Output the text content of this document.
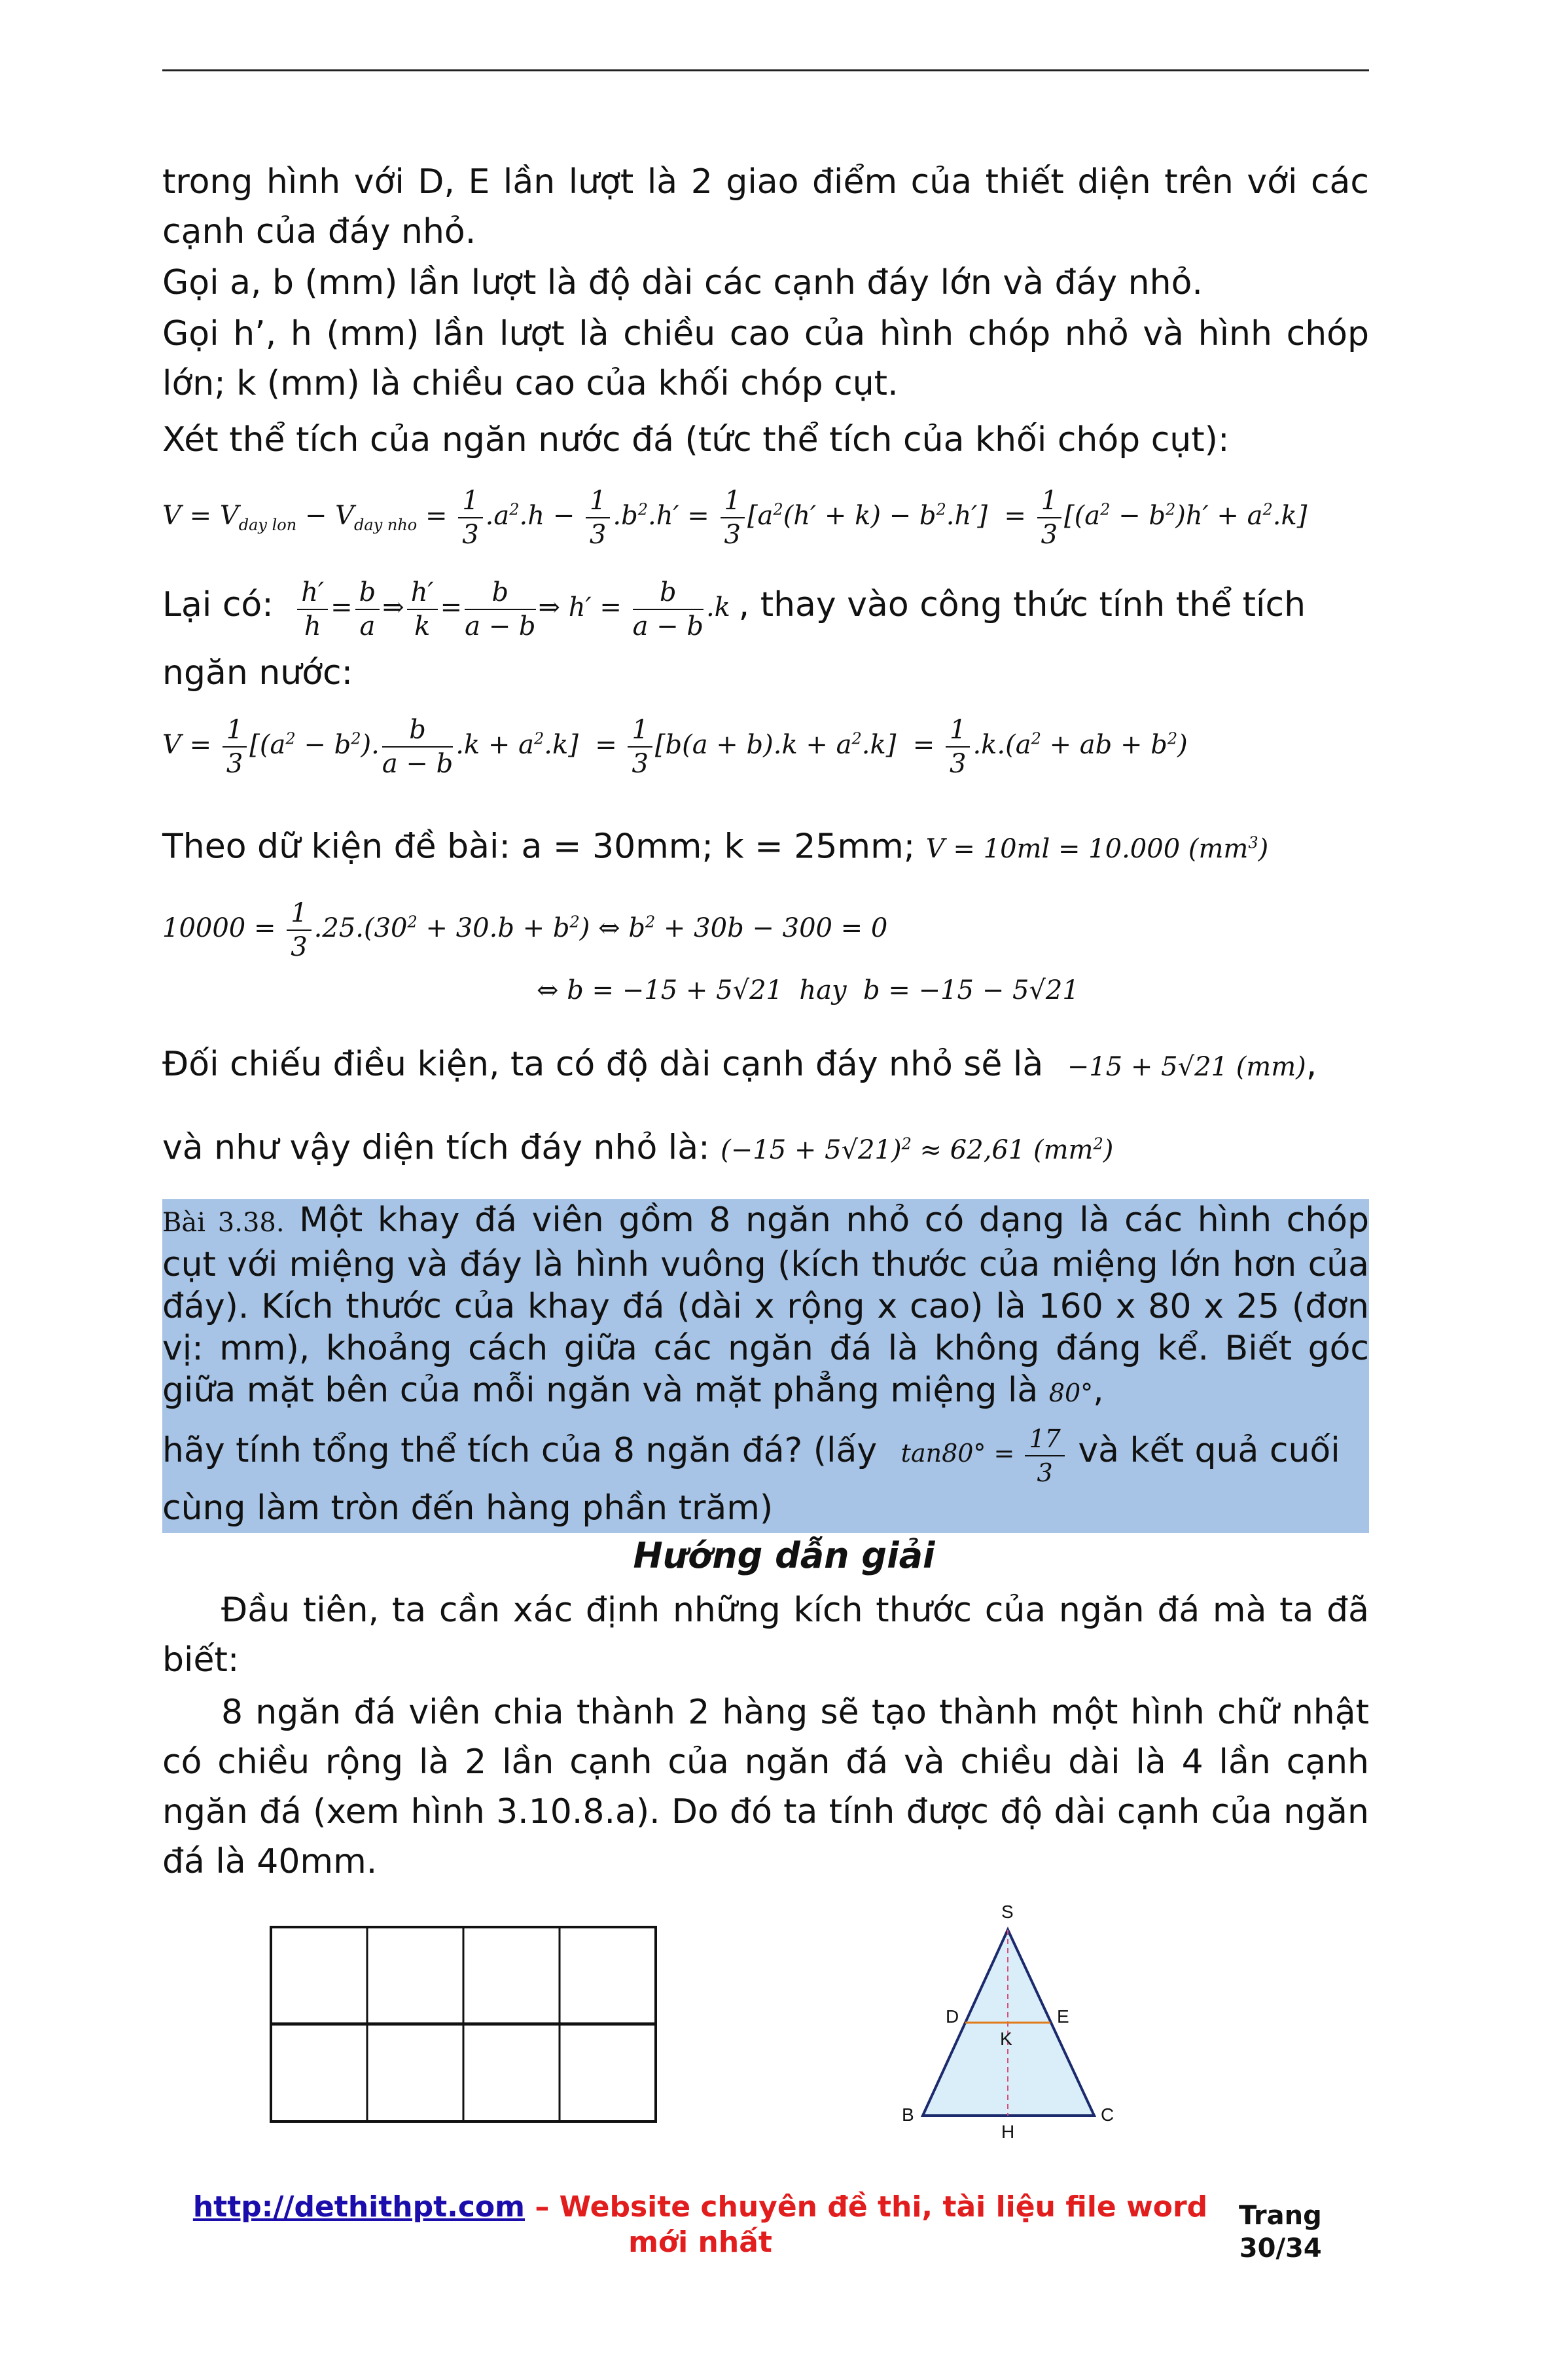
trong hình với D, E lần lượt là 2 giao điểm của thiết diện trên với các cạnh của đáy nhỏ.

Gọi a, b (mm) lần lượt là độ dài các cạnh đáy lớn và đáy nhỏ.

Gọi h’, h (mm) lần lượt là chiều cao của hình chóp nhỏ và hình chóp lớn; k (mm) là chiều cao của khối chóp cụt.

Xét thể tích của ngăn nước đá (tức thể tích của khối chóp cụt):

$V = V_{day lon} - V_{day nho} = \frac{1}{3} .a^2.h - \frac{1}{3} .b^2.h' = \frac{1}{3} [a^2(h' + k) - b^2.h'] = \frac{1}{3} [(a^2 - b^2)h' + a^2.k]$
Lại có: $\frac{h'}{h} = \frac{b}{a}$ ⇒ $\frac{h'}{k} = \frac{b}{a - b}$ ⇒ $h' = \frac{b}{a - b} .k$ , thay vào công thức tính thể tích

ngăn nước:

$V = \frac{1}{3} [(a^2 - b^2)$. $\frac{b}{a - b} .k + a^2.k] = \frac{1}{3} [b(a + b).k + a^2.k] = \frac{1}{3} .k.(a^2$ + ab + $b^2$)
Theo dữ kiện đề bài: a = 30mm; k = 25mm; V = 10ml = 10.000 $(mm^3)$
$10000 = \frac{1}{3} .25.(30^2 + 30.b + b^2)$ ⇔ $b^2 + 30b - 300 = 0$
⇔ b = −15 + 5√21  hay  b = −15 − 5√21
Đối chiếu điều kiện, ta có độ dài cạnh đáy nhỏ sẽ là −15 + 5√21 (mm),
và như vậy diện tích đáy nhỏ là: $(-15 + 5√21)^2 \approx 62,61$ $(mm^2)$
Bài 3.38. Một khay đá viên gồm 8 ngăn nhỏ có dạng là các hình chóp cụt với miệng và đáy là hình vuông (kích thước của miệng lớn hơn của đáy). Kích thước của khay đá (dài x rộng x cao) là 160 x 80 x 25 (đơn vị: mm), khoảng cách giữa các ngăn đá là không đáng kể. Biết góc giữa mặt bên của mỗi ngăn và mặt phẳng miệng là 80°,
hãy tính tổng thể tích của 8 ngăn đá? (lấy $\tan 80^\circ = \frac{17}{3}$ và kết quả cuối

cùng làm tròn đến hàng phần trăm)

Hướng dẫn giải

Đầu tiên, ta cần xác định những kích thước của ngăn đá mà ta đã biết:

8 ngăn đá viên chia thành 2 hàng sẽ tạo thành một hình chữ nhật có chiều rộng là 2 lần cạnh của ngăn đá và chiều dài là 4 lần cạnh ngăn đá (xem hình 3.10.8.a). Do đó ta tính được độ dài cạnh của ngăn đá là 40mm.

S
D	E
K
B
H
C
http://dethithpt.com – Website chuyên đề thi, tài liệu file word mới nhất
Trang
30/34
